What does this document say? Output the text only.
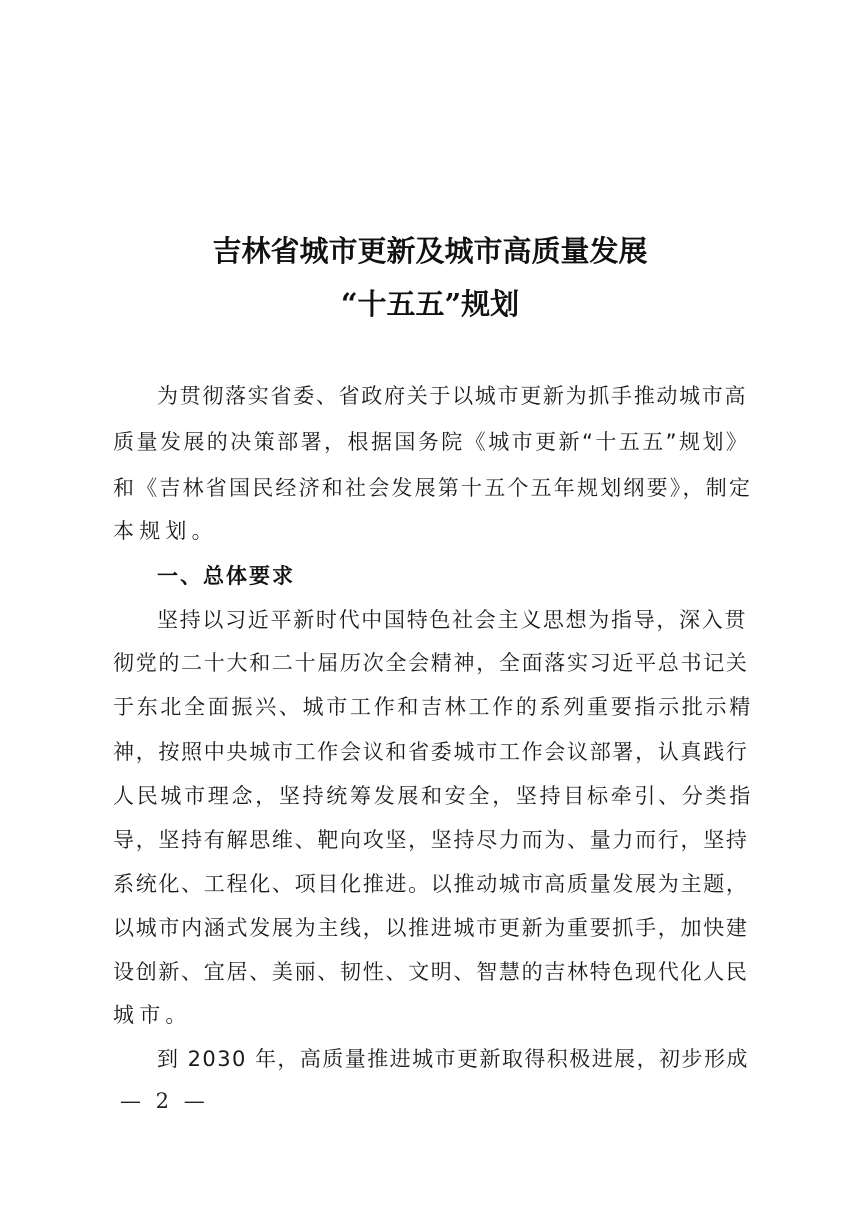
吉林省城市更新及城市高质量发展
“十五五”规划
为贯彻落实省委、省政府关于以城市更新为抓手推动城市高
质量发展的决策部署，根据国务院《城市更新“十五五”规划》
和《吉林省国民经济和社会发展第十五个五年规划纲要》，制定
本规划。
一、总体要求
坚持以习近平新时代中国特色社会主义思想为指导，深入贯
彻党的二十大和二十届历次全会精神，全面落实习近平总书记关
于东北全面振兴、城市工作和吉林工作的系列重要指示批示精
神，按照中央城市工作会议和省委城市工作会议部署，认真践行
人民城市理念，坚持统筹发展和安全，坚持目标牵引、分类指
导，坚持有解思维、靶向攻坚，坚持尽力而为、量力而行，坚持
系统化、工程化、项目化推进。以推动城市高质量发展为主题，
以城市内涵式发展为主线，以推进城市更新为重要抓手，加快建
设创新、宜居、美丽、韧性、文明、智慧的吉林特色现代化人民
城市。
到 2030 年，高质量推进城市更新取得积极进展，初步形成
— 2 —
